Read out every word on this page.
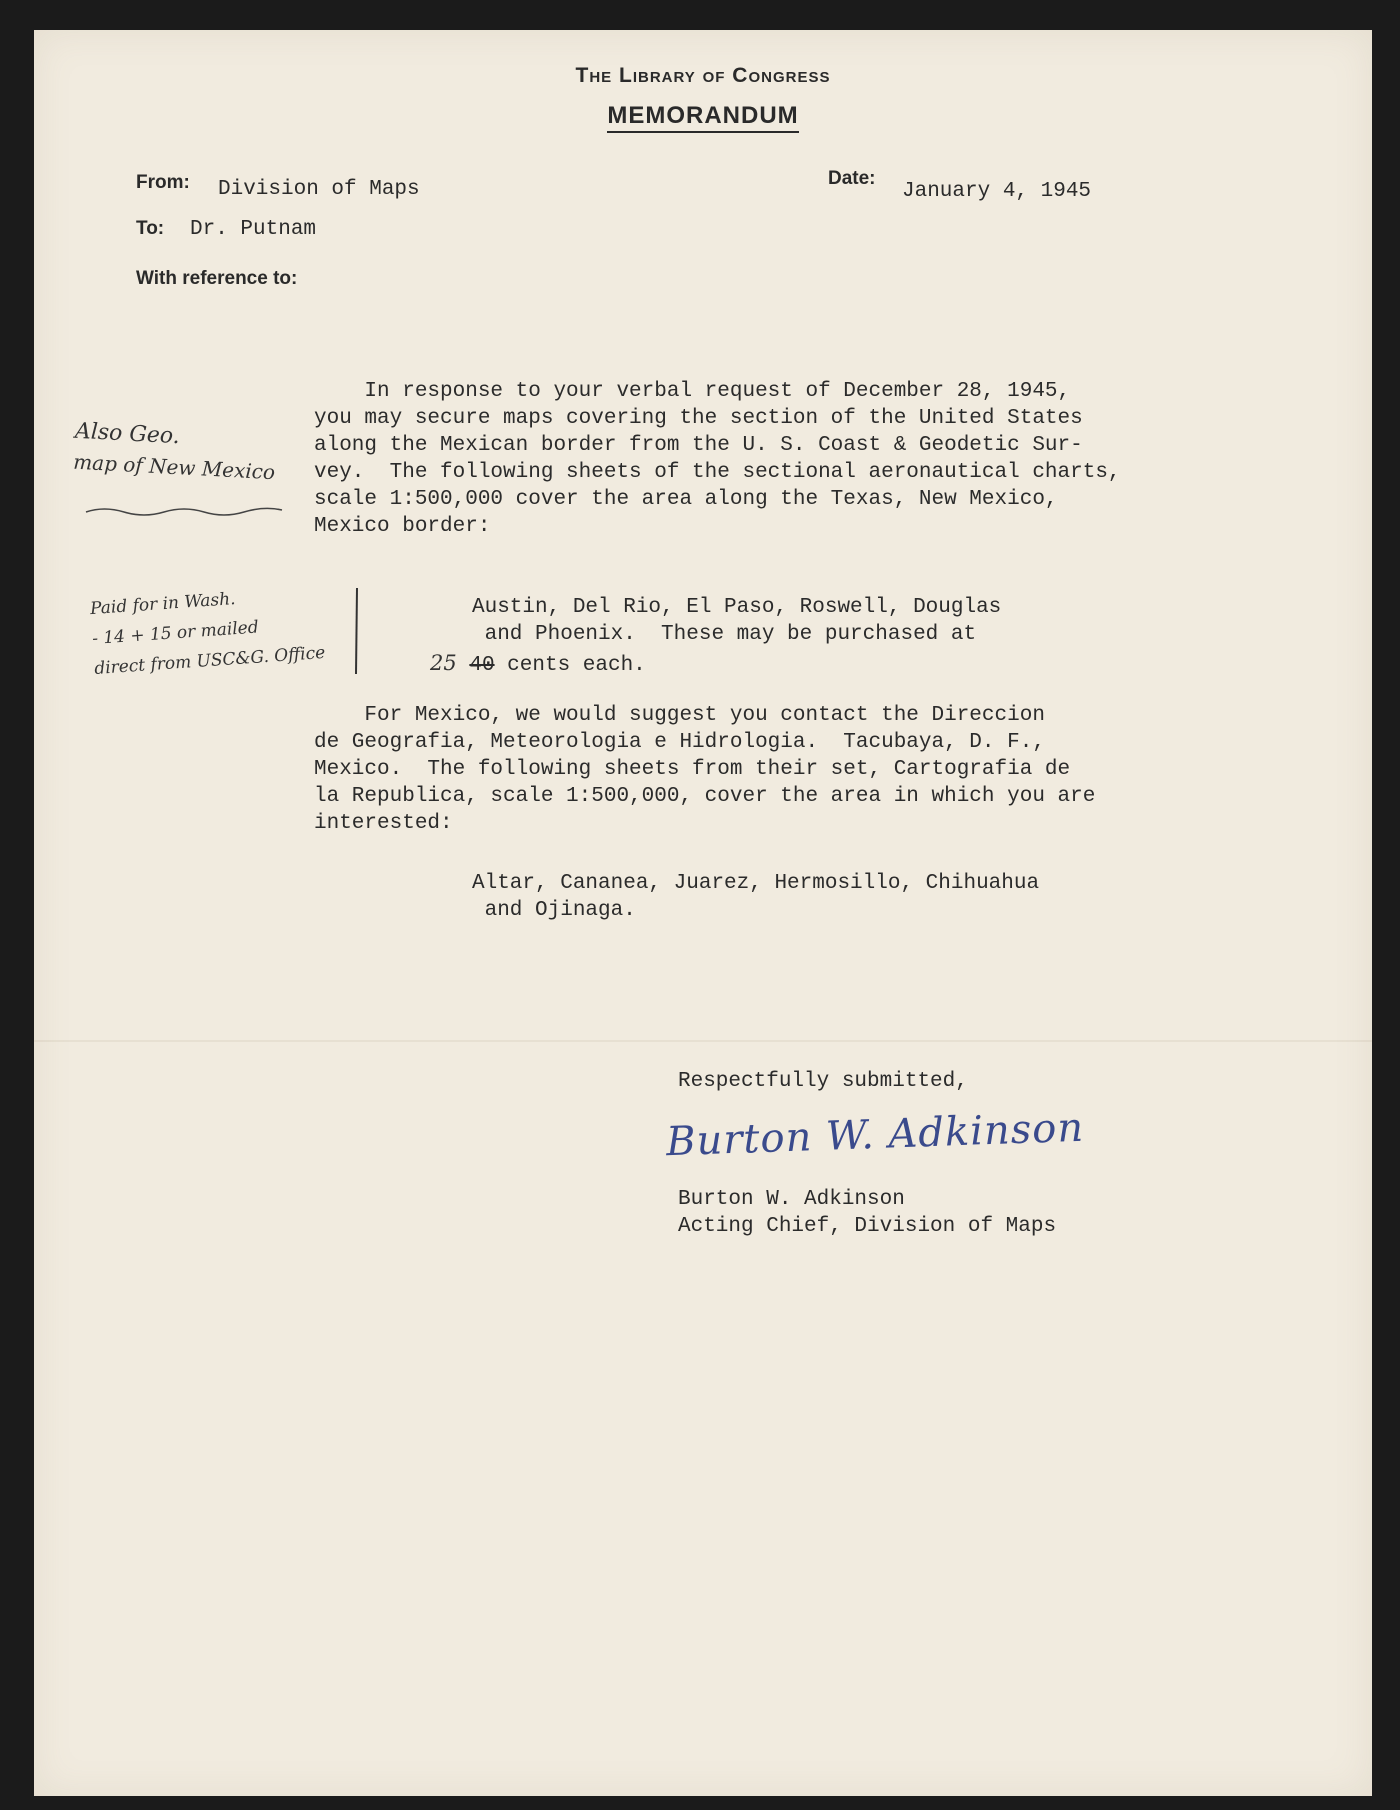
The Library of Congress
MEMORANDUM
From: Division of Maps	Date:
January 4, 1945
To: Dr. Putnam
With reference to:
In response to your verbal request of December 28, 1945,
you may secure maps covering the section of the United States
along the Mexican border from the U. S. Coast & Geodetic Sur-
vey.  The following sheets of the sectional aeronautical charts,
scale 1:500,000 cover the area along the Texas, New Mexico,
Mexico border:
Austin, Del Rio, El Paso, Roswell, Douglas
and Phoenix.  These may be purchased at
25 40 cents each.
For Mexico, we would suggest you contact the Direccion
de Geografia, Meteorologia e Hidrologia.  Tacubaya, D. F.,
Mexico.  The following sheets from their set, Cartografia de
la Republica, scale 1:500,000, cover the area in which you are
interested:
Altar, Cananea, Juarez, Hermosillo, Chihuahua
and Ojinaga.
Respectfully submitted,
Burton W. Adkinson
Burton W. Adkinson
Acting Chief, Division of Maps
Also Geo.
map of New Mexico
Paid for in Wash.
- 14 + 15 or mailed
direct from USC&G. Office
